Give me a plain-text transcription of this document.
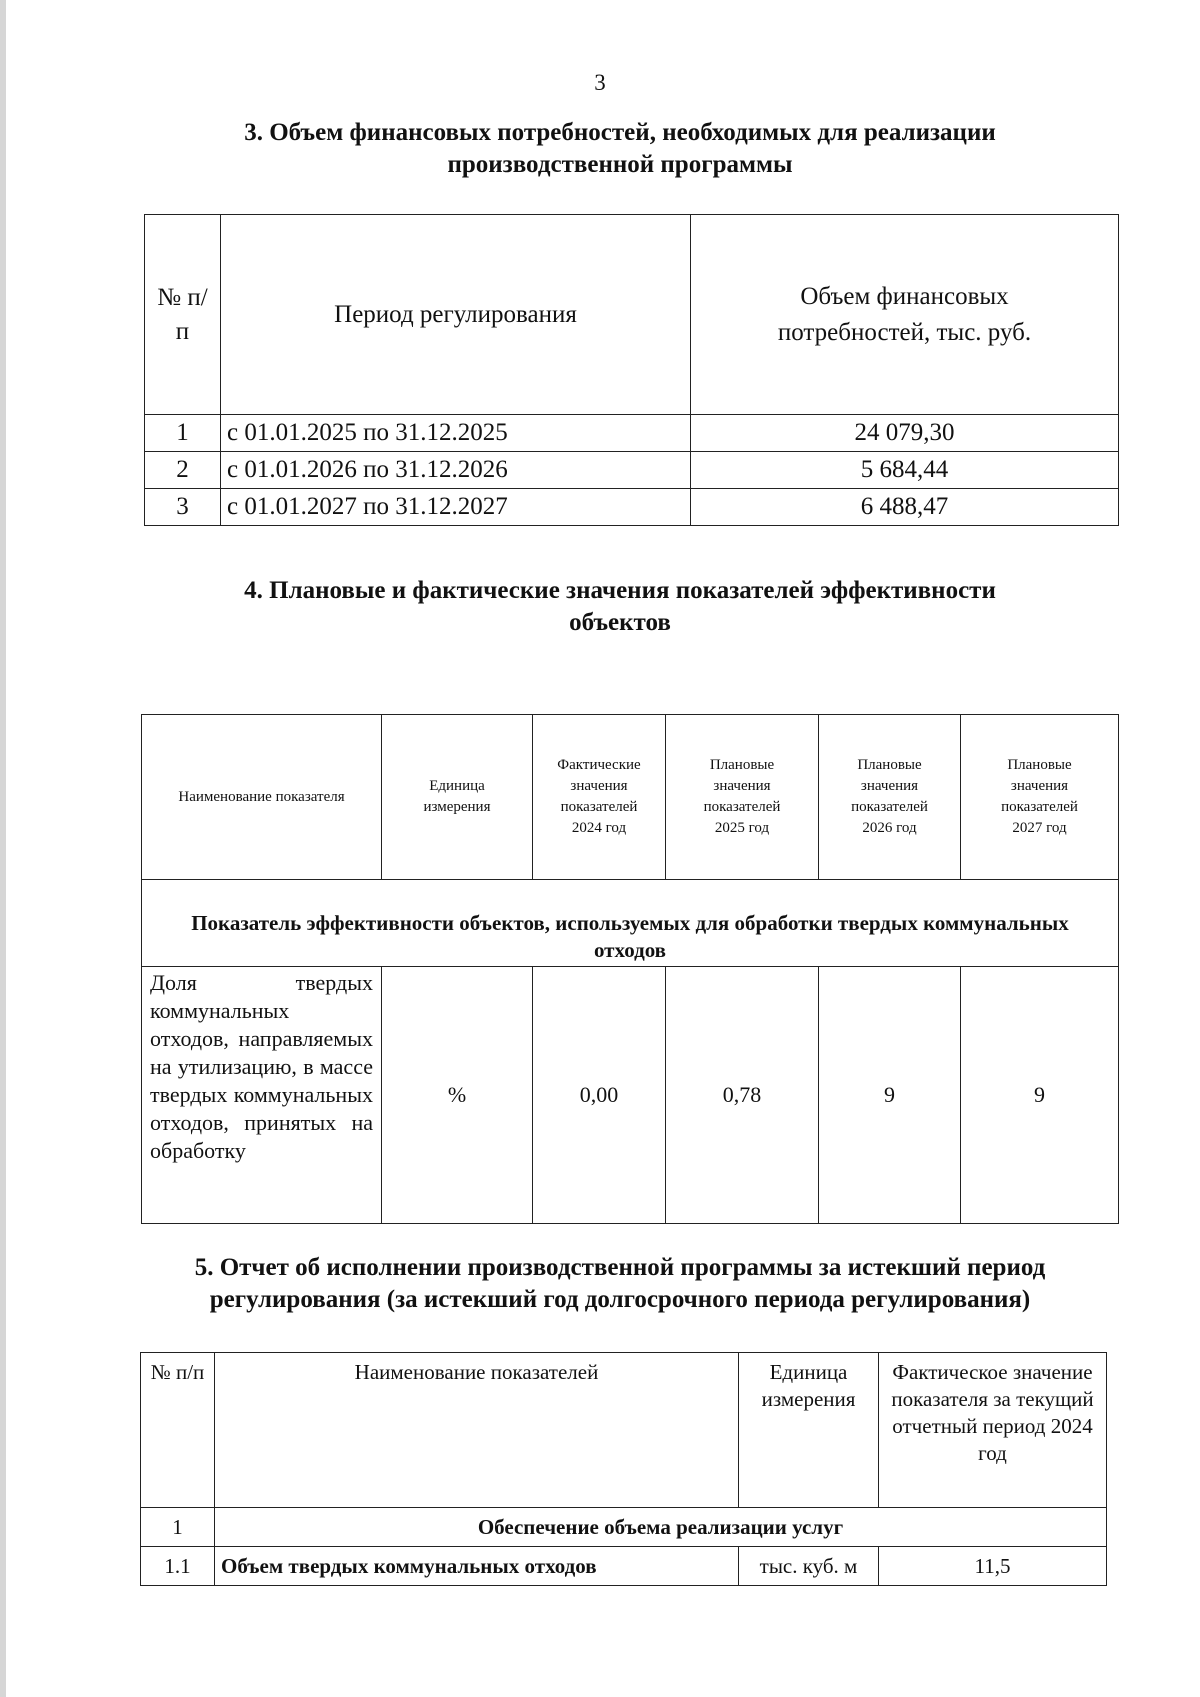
3
3. Объем финансовых потребностей, необходимых для реализации
производственной программы
№ п/п	Период регулирования	Объем финансовых потребностей, тыс. руб.
1	с 01.01.2025 по 31.12.2025	24 079,30
2	с 01.01.2026 по 31.12.2026	5 684,44
3	с 01.01.2027 по 31.12.2027	6 488,47
4. Плановые и фактические значения показателей эффективности
объектов
Наименование показателя	Единица измерения	Фактические значения показателей 2024 год	Плановые значения показателей 2025 год	Плановые значения показателей 2026 год	Плановые значения показателей 2027 год
Показатель эффективности объектов, используемых для обработки твердых коммунальных отходов					
Доля твердых коммунальных отходов, направляемых на утилизацию, в массе твердых коммунальных отходов, принятых на обработку	%	0,00	0,78	9	9
5. Отчет об исполнении производственной программы за истекший период
регулирования (за истекший год долгосрочного периода регулирования)
№ п/п	Наименование показателей	Единица измерения	Фактическое значение показателя за текущий отчетный период 2024 год
1	Обеспечение объема реализации услуг		
1.1	Объем твердых коммунальных отходов	тыс. куб. м	11,5
